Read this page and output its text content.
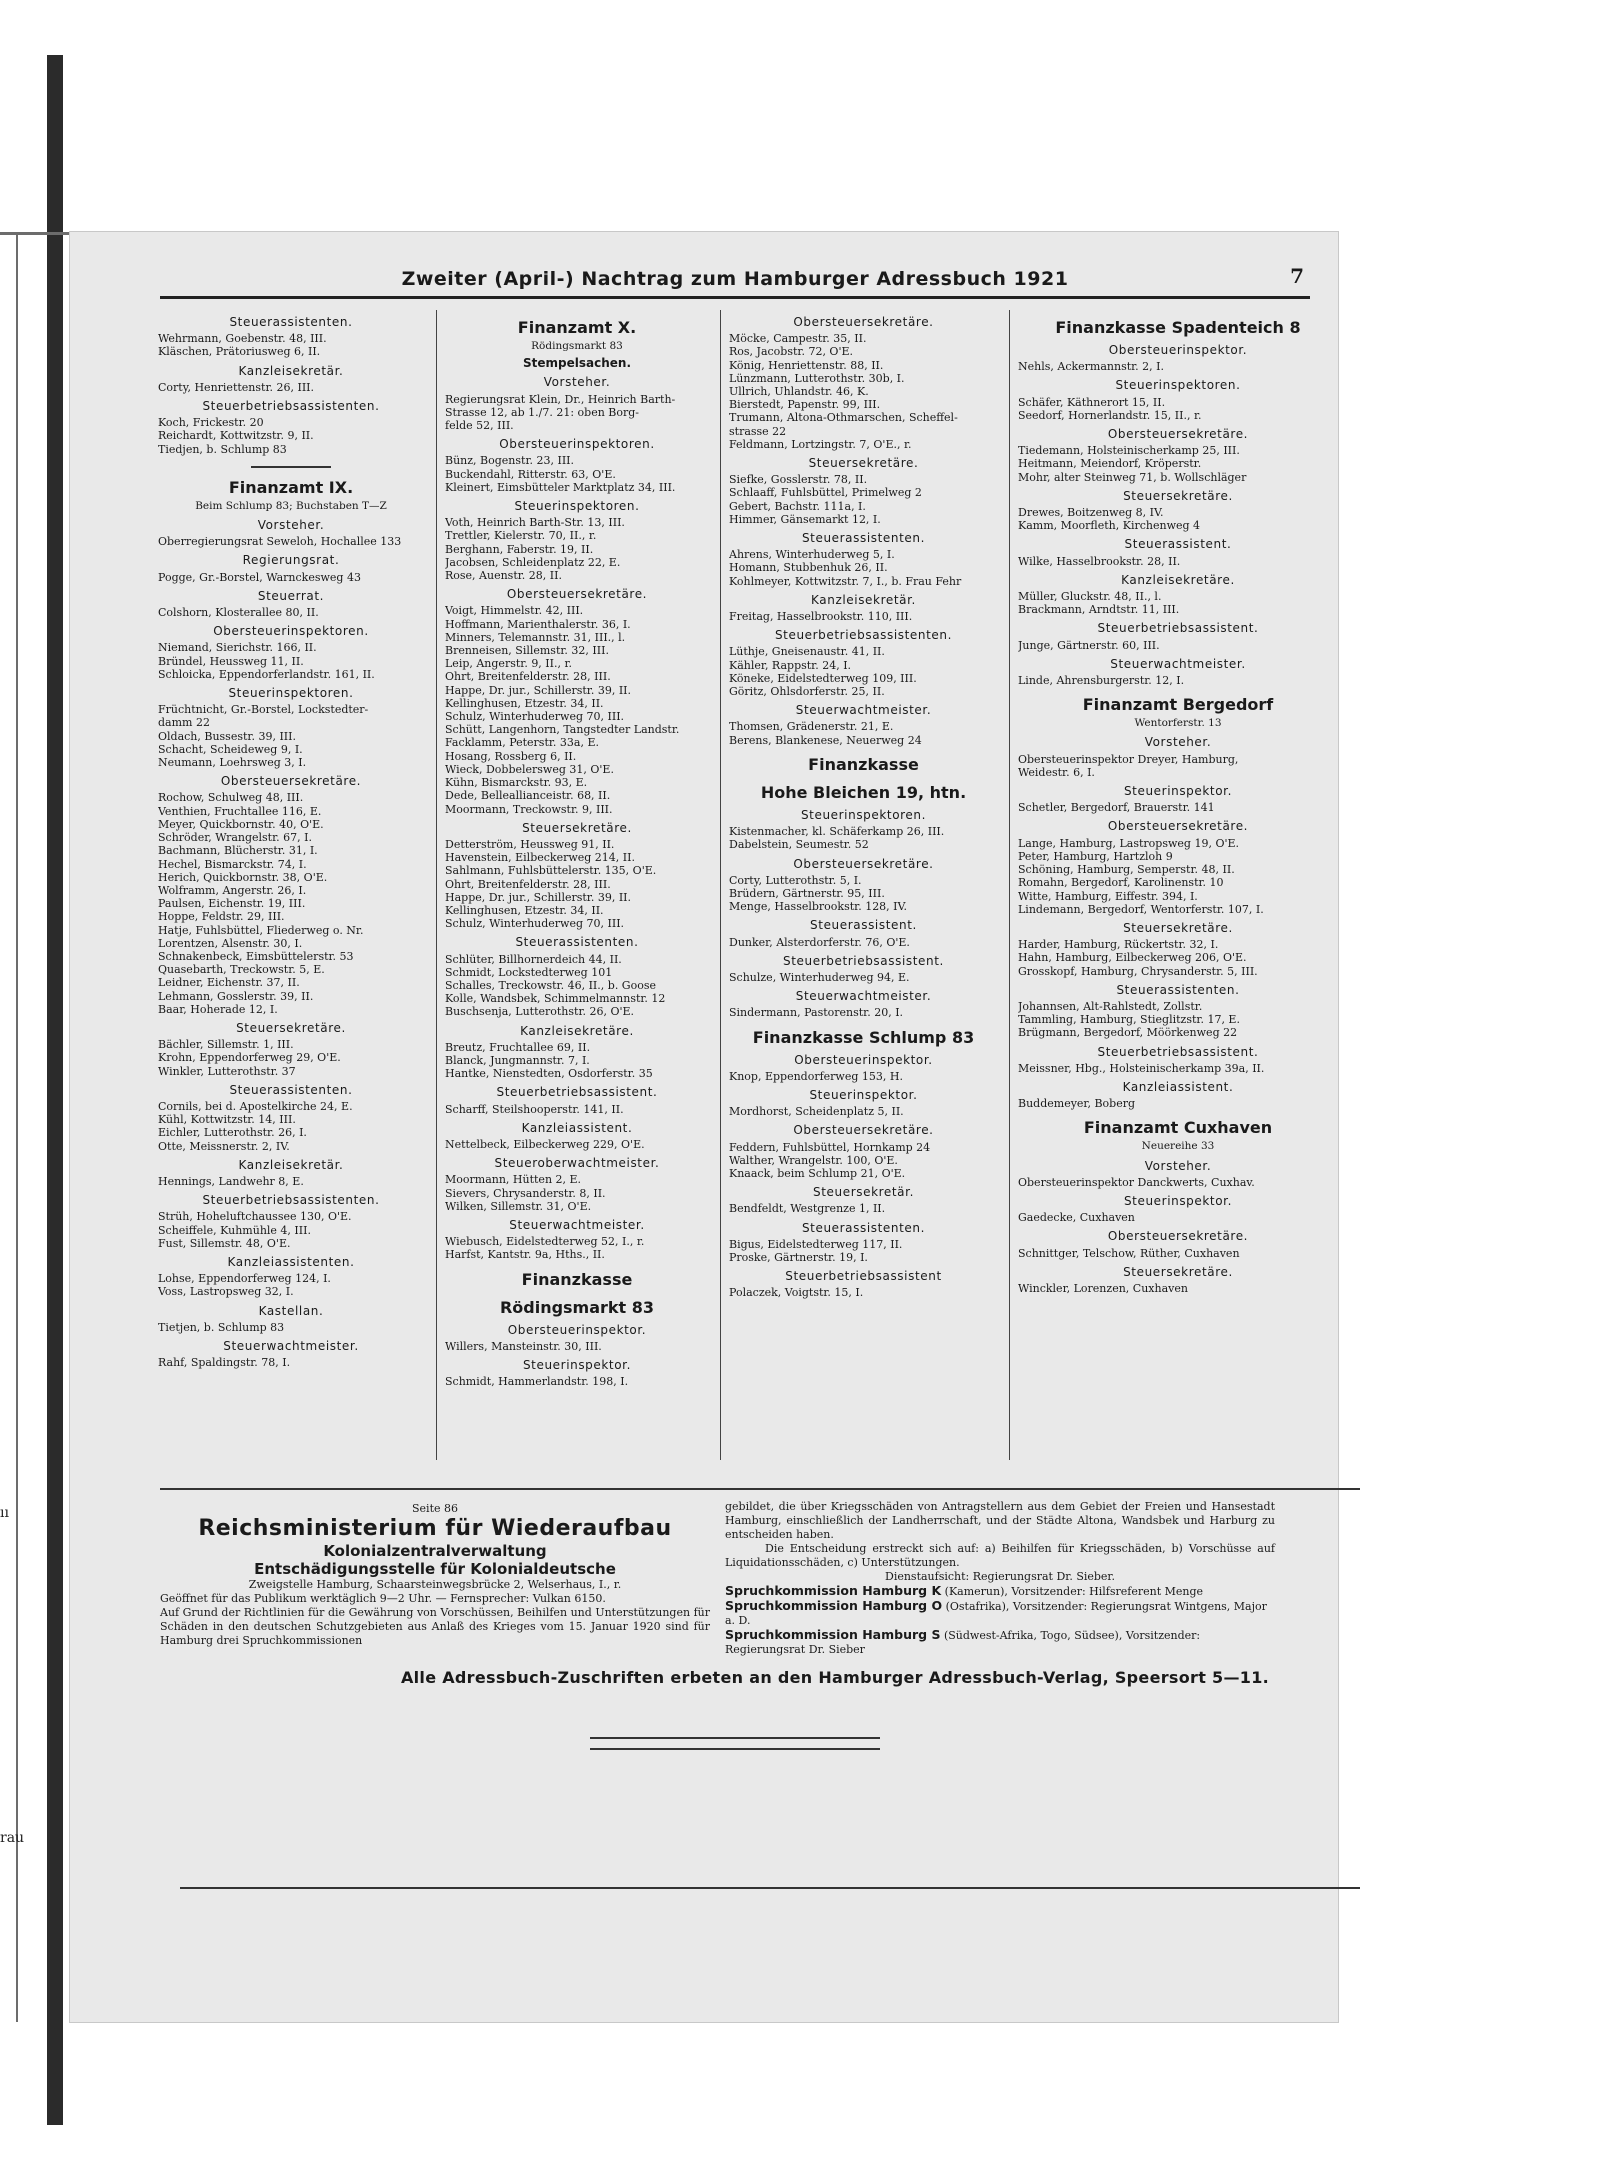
ıı
rau
Zweiter (April-) Nachtrag zum Hamburger Adressbuch 1921	7
Steuerassistenten.
Wehrmann, Goebenstr. 48, III.
Kläschen, Prätoriusweg 6, II.
Kanzleisekretär.
Corty, Henriettenstr. 26, III.
Steuerbetriebsassistenten.
Koch, Frickestr. 20
Reichardt, Kottwitzstr. 9, II.
Tiedjen, b. Schlump 83
Finanzamt IX.
Beim Schlump 83; Buchstaben T—Z
Vorsteher.
Oberregierungsrat Seweloh, Hochallee 133
Regierungsrat.
Pogge, Gr.-Borstel, Warnckesweg 43
Steuerrat.
Colshorn, Klosterallee 80, II.
Obersteuerinspektoren.
Niemand, Sierichstr. 166, II.
Bründel, Heussweg 11, II.
Schloicka, Eppendorferlandstr. 161, II.
Steuerinspektoren.
Früchtnicht, Gr.-Borstel, Lockstedter-
damm 22
Oldach, Bussestr. 39, III.
Schacht, Scheideweg 9, I.
Neumann, Loehrsweg 3, I.
Obersteuersekretäre.
Rochow, Schulweg 48, III.
Venthien, Fruchtallee 116, E.
Meyer, Quickbornstr. 40, O'E.
Schröder, Wrangelstr. 67, I.
Bachmann, Blücherstr. 31, I.
Hechel, Bismarckstr. 74, I.
Herich, Quickbornstr. 38, O'E.
Wolframm, Angerstr. 26, I.
Paulsen, Eichenstr. 19, III.
Hoppe, Feldstr. 29, III.
Hatje, Fuhlsbüttel, Fliederweg o. Nr.
Lorentzen, Alsenstr. 30, I.
Schnakenbeck, Eimsbüttelerstr. 53
Quasebarth, Treckowstr. 5, E.
Leidner, Eichenstr. 37, II.
Lehmann, Gosslerstr. 39, II.
Baar, Hoherade 12, I.
Steuersekretäre.
Bächler, Sillemstr. 1, III.
Krohn, Eppendorferweg 29, O'E.
Winkler, Lutterothstr. 37
Steuerassistenten.
Cornils, bei d. Apostelkirche 24, E.
Kühl, Kottwitzstr. 14, III.
Eichler, Lutterothstr. 26, I.
Otte, Meissnerstr. 2, IV.
Kanzleisekretär.
Hennings, Landwehr 8, E.
Steuerbetriebsassistenten.
Strüh, Hoheluftchaussee 130, O'E.
Scheiffele, Kuhmühle 4, III.
Fust, Sillemstr. 48, O'E.
Kanzleiassistenten.
Lohse, Eppendorferweg 124, I.
Voss, Lastropsweg 32, I.
Kastellan.
Tietjen, b. Schlump 83
Steuerwachtmeister.
Rahf, Spaldingstr. 78, I.
Finanzamt X.
Rödingsmarkt 83
Stempelsachen.
Vorsteher.
Regierungsrat Klein, Dr., Heinrich Barth-
Strasse 12, ab 1./7. 21: oben Borg-
felde 52, III.
Obersteuerinspektoren.
Bünz, Bogenstr. 23, III.
Buckendahl, Ritterstr. 63, O'E.
Kleinert, Eimsbütteler Marktplatz 34, III.
Steuerinspektoren.
Voth, Heinrich Barth-Str. 13, III.
Trettler, Kielerstr. 70, II., r.
Berghann, Faberstr. 19, II.
Jacobsen, Schleidenplatz 22, E.
Rose, Auenstr. 28, II.
Obersteuersekretäre.
Voigt, Himmelstr. 42, III.
Hoffmann, Marienthalerstr. 36, I.
Minners, Telemannstr. 31, III., l.
Brenneisen, Sillemstr. 32, III.
Leip, Angerstr. 9, II., r.
Ohrt, Breitenfelderstr. 28, III.
Happe, Dr. jur., Schillerstr. 39, II.
Kellinghusen, Etzestr. 34, II.
Schulz, Winterhuderweg 70, III.
Schütt, Langenhorn, Tangstedter Landstr.
Facklamm, Peterstr. 33a, E.
Hosang, Rossberg 6, II.
Wieck, Dobbelersweg 31, O'E.
Kühn, Bismarckstr. 93, E.
Dede, Belleallianceistr. 68, II.
Moormann, Treckowstr. 9, III.
Steuersekretäre.
Detterström, Heussweg 91, II.
Havenstein, Eilbeckerweg 214, II.
Sahlmann, Fuhlsbüttelerstr. 135, O'E.
Ohrt, Breitenfelderstr. 28, III.
Happe, Dr. jur., Schillerstr. 39, II.
Kellinghusen, Etzestr. 34, II.
Schulz, Winterhuderweg 70, III.
Steuerassistenten.
Schlüter, Billhornerdeich 44, II.
Schmidt, Lockstedterweg 101
Schalles, Treckowstr. 46, II., b. Goose
Kolle, Wandsbek, Schimmelmannstr. 12
Buschsenja, Lutterothstr. 26, O'E.
Kanzleisekretäre.
Breutz, Fruchtallee 69, II.
Blanck, Jungmannstr. 7, I.
Hantke, Nienstedten, Osdorferstr. 35
Steuerbetriebsassistent.
Scharff, Steilshooperstr. 141, II.
Kanzleiassistent.
Nettelbeck, Eilbeckerweg 229, O'E.
Steueroberwachtmeister.
Moormann, Hütten 2, E.
Sievers, Chrysanderstr. 8, II.
Wilken, Sillemstr. 31, O'E.
Steuerwachtmeister.
Wiebusch, Eidelstedterweg 52, I., r.
Harfst, Kantstr. 9a, Hths., II.
Finanzkasse
Rödingsmarkt 83
Obersteuerinspektor.
Willers, Mansteinstr. 30, III.
Steuerinspektor.
Schmidt, Hammerlandstr. 198, I.
Obersteuersekretäre.
Möcke, Campestr. 35, II.
Ros, Jacobstr. 72, O'E.
König, Henriettenstr. 88, II.
Lünzmann, Lutterothstr. 30b, I.
Ullrich, Uhlandstr. 46, K.
Bierstedt, Papenstr. 99, III.
Trumann, Altona-Othmarschen, Scheffel-
strasse 22
Feldmann, Lortzingstr. 7, O'E., r.
Steuersekretäre.
Siefke, Gosslerstr. 78, II.
Schlaaff, Fuhlsbüttel, Primelweg 2
Gebert, Bachstr. 111a, I.
Himmer, Gänsemarkt 12, I.
Steuerassistenten.
Ahrens, Winterhuderweg 5, I.
Homann, Stubbenhuk 26, II.
Kohlmeyer, Kottwitzstr. 7, I., b. Frau Fehr
Kanzleisekretär.
Freitag, Hasselbrookstr. 110, III.
Steuerbetriebsassistenten.
Lüthje, Gneisenaustr. 41, II.
Kähler, Rappstr. 24, I.
Köneke, Eidelstedterweg 109, III.
Göritz, Ohlsdorferstr. 25, II.
Steuerwachtmeister.
Thomsen, Grädenerstr. 21, E.
Berens, Blankenese, Neuerweg 24
Finanzkasse
Hohe Bleichen 19, htn.
Steuerinspektoren.
Kistenmacher, kl. Schäferkamp 26, III.
Dabelstein, Seumestr. 52
Obersteuersekretäre.
Corty, Lutterothstr. 5, I.
Brüdern, Gärtnerstr. 95, III.
Menge, Hasselbrookstr. 128, IV.
Steuerassistent.
Dunker, Alsterdorferstr. 76, O'E.
Steuerbetriebsassistent.
Schulze, Winterhuderweg 94, E.
Steuerwachtmeister.
Sindermann, Pastorenstr. 20, I.
Finanzkasse Schlump 83
Obersteuerinspektor.
Knop, Eppendorferweg 153, H.
Steuerinspektor.
Mordhorst, Scheidenplatz 5, II.
Obersteuersekretäre.
Feddern, Fuhlsbüttel, Hornkamp 24
Walther, Wrangelstr. 100, O'E.
Knaack, beim Schlump 21, O'E.
Steuersekretär.
Bendfeldt, Westgrenze 1, II.
Steuerassistenten.
Bigus, Eidelstedterweg 117, II.
Proske, Gärtnerstr. 19, I.
Steuerbetriebsassistent
Polaczek, Voigtstr. 15, I.
Finanzkasse Spadenteich 8
Obersteuerinspektor.
Nehls, Ackermannstr. 2, I.
Steuerinspektoren.
Schäfer, Käthnerort 15, II.
Seedorf, Hornerlandstr. 15, II., r.
Obersteuersekretäre.
Tiedemann, Holsteinischerkamp 25, III.
Heitmann, Meiendorf, Kröperstr.
Mohr, alter Steinweg 71, b. Wollschläger
Steuersekretäre.
Drewes, Boitzenweg 8, IV.
Kamm, Moorfleth, Kirchenweg 4
Steuerassistent.
Wilke, Hasselbrookstr. 28, II.
Kanzleisekretäre.
Müller, Gluckstr. 48, II., l.
Brackmann, Arndtstr. 11, III.
Steuerbetriebsassistent.
Junge, Gärtnerstr. 60, III.
Steuerwachtmeister.
Linde, Ahrensburgerstr. 12, I.
Finanzamt Bergedorf
Wentorferstr. 13
Vorsteher.
Obersteuerinspektor Dreyer, Hamburg,
Weidestr. 6, I.
Steuerinspektor.
Schetler, Bergedorf, Brauerstr. 141
Obersteuersekretäre.
Lange, Hamburg, Lastropsweg 19, O'E.
Peter, Hamburg, Hartzloh 9
Schöning, Hamburg, Semperstr. 48, II.
Romahn, Bergedorf, Karolinenstr. 10
Witte, Hamburg, Eiffestr. 394, I.
Lindemann, Bergedorf, Wentorferstr. 107, I.
Steuersekretäre.
Harder, Hamburg, Rückertstr. 32, I.
Hahn, Hamburg, Eilbeckerweg 206, O'E.
Grosskopf, Hamburg, Chrysanderstr. 5, III.
Steuerassistenten.
Johannsen, Alt-Rahlstedt, Zollstr.
Tammling, Hamburg, Stieglitzstr. 17, E.
Brügmann, Bergedorf, Möörkenweg 22
Steuerbetriebsassistent.
Meissner, Hbg., Holsteinischerkamp 39a, II.
Kanzleiassistent.
Buddemeyer, Boberg
Finanzamt Cuxhaven
Neuereihe 33
Vorsteher.
Obersteuerinspektor Danckwerts, Cuxhav.
Steuerinspektor.
Gaedecke, Cuxhaven
Obersteuersekretäre.
Schnittger, Telschow, Rüther, Cuxhaven
Steuersekretäre.
Winckler, Lorenzen, Cuxhaven
Seite 86
Reichsministerium für Wiederaufbau
Kolonialzentralverwaltung
Entschädigungsstelle für Kolonialdeutsche
Zweigstelle Hamburg, Schaarsteinwegsbrücke 2, Welserhaus, I., r.
Geöffnet für das Publikum werktäglich 9—2 Uhr. — Fernsprecher: Vulkan 6150.
Auf Grund der Richtlinien für die Gewährung von Vorschüssen, Beihilfen und Unterstützungen für Schäden in den deutschen Schutzgebieten aus Anlaß des Krieges vom 15. Januar 1920 sind für Hamburg drei Spruchkommissionen
gebildet, die über Kriegsschäden von Antragstellern aus dem Gebiet der Freien und Hansestadt Hamburg, einschließlich der Landherrschaft, und der Städte Altona, Wandsbek und Harburg zu entscheiden haben.
Die Entscheidung erstreckt sich auf: a) Beihilfen für Kriegsschäden, b) Vorschüsse auf Liquidationsschäden, c) Unterstützungen.
Dienstaufsicht: Regierungsrat Dr. Sieber.
Spruchkommission Hamburg K (Kamerun), Vorsitzender: Hilfsreferent Menge
Spruchkommission Hamburg O (Ostafrika), Vorsitzender: Regierungsrat Wintgens, Major a. D.
Spruchkommission Hamburg S (Südwest-Afrika, Togo, Südsee), Vorsitzender: Regierungsrat Dr. Sieber
Alle Adressbuch-Zuschriften erbeten an den Hamburger Adressbuch-Verlag, Speersort 5—11.
